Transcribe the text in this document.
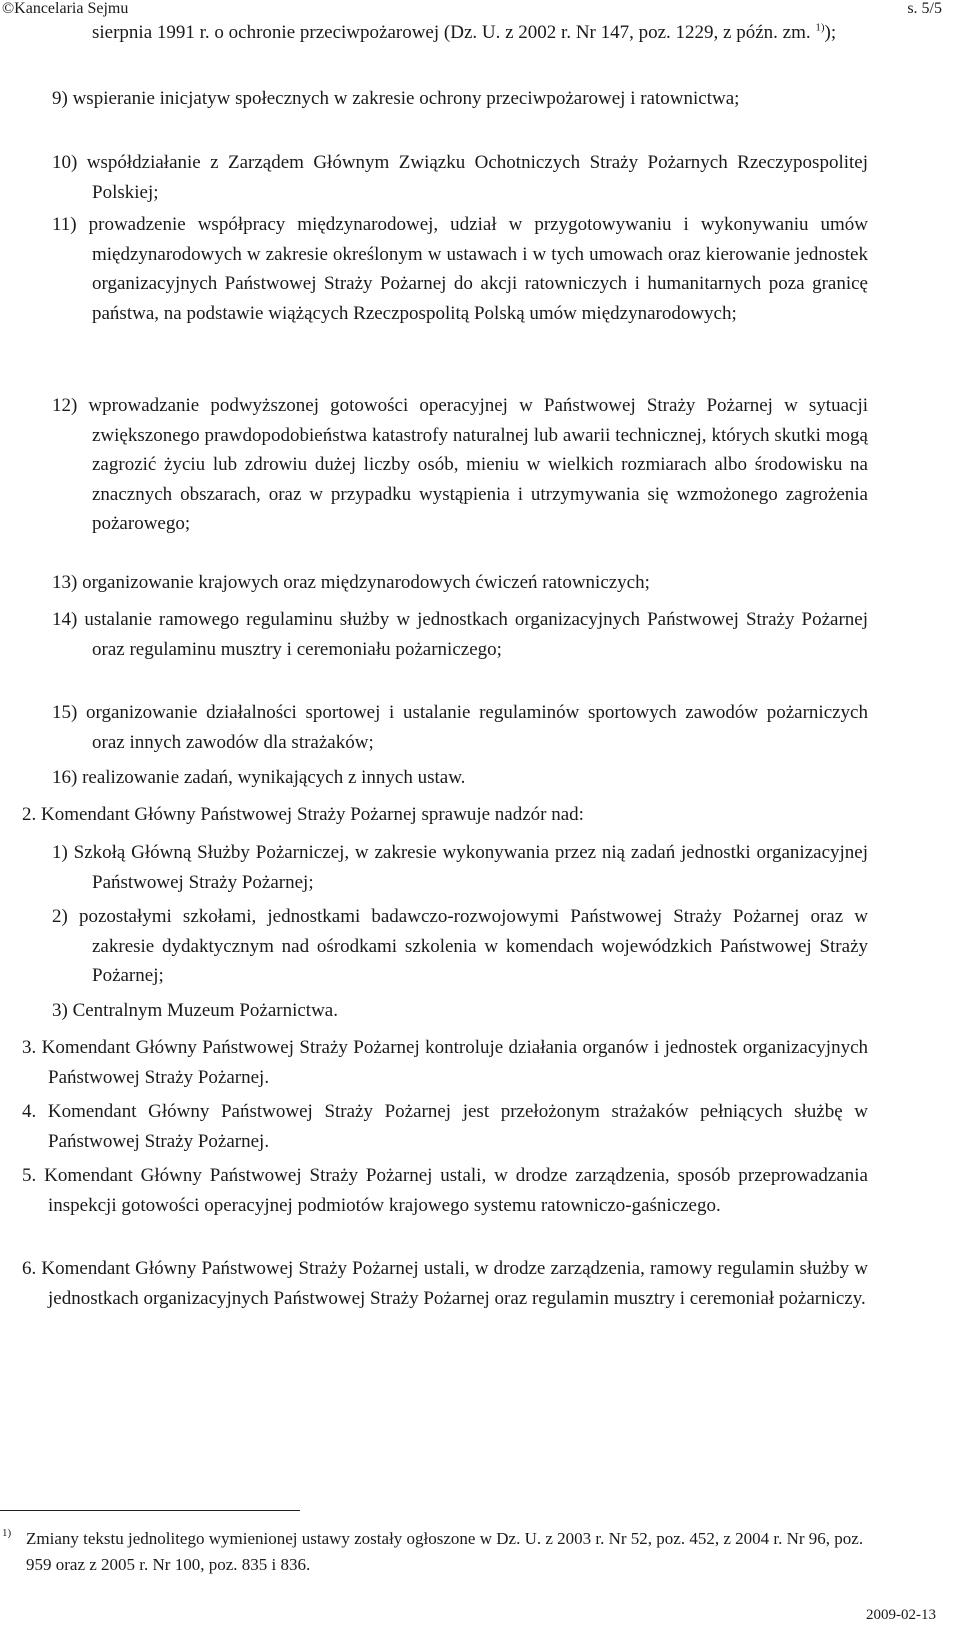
©Kancelaria Sejmu	s. 5/5
sierpnia 1991 r. o ochronie przeciwpożarowej (Dz. U. z 2002 r. Nr 147, poz. 1229, z późn. zm. $^{1)}$);
9) wspieranie inicjatyw społecznych w zakresie ochrony przeciwpożarowej i ratownictwa;
10) współdziałanie z Zarządem Głównym Związku Ochotniczych Straży Pożarnych Rzeczypospolitej Polskiej;
11) prowadzenie współpracy międzynarodowej, udział w przygotowywaniu i wykonywaniu umów międzynarodowych w zakresie określonym w ustawach i w tych umowach oraz kierowanie jednostek organizacyjnych Państwowej Straży Pożarnej do akcji ratowniczych i humanitarnych poza granicę państwa, na podstawie wiążących Rzeczpospolitą Polską umów międzynarodowych;
12) wprowadzanie podwyższonej gotowości operacyjnej w Państwowej Straży Pożarnej w sytuacji zwiększonego prawdopodobieństwa katastrofy naturalnej lub awarii technicznej, których skutki mogą zagrozić życiu lub zdrowiu dużej liczby osób, mieniu w wielkich rozmiarach albo środowisku na znacznych obszarach, oraz w przypadku wystąpienia i utrzymywania się wzmożonego zagrożenia pożarowego;
13) organizowanie krajowych oraz międzynarodowych ćwiczeń ratowniczych;
14) ustalanie ramowego regulaminu służby w jednostkach organizacyjnych Państwowej Straży Pożarnej oraz regulaminu musztry i ceremoniału pożarniczego;
15) organizowanie działalności sportowej i ustalanie regulaminów sportowych zawodów pożarniczych oraz innych zawodów dla strażaków;
16) realizowanie zadań, wynikających z innych ustaw.
2. Komendant Główny Państwowej Straży Pożarnej sprawuje nadzór nad:
1) Szkołą Główną Służby Pożarniczej, w zakresie wykonywania przez nią zadań jednostki organizacyjnej Państwowej Straży Pożarnej;
2) pozostałymi szkołami, jednostkami badawczo-rozwojowymi Państwowej Straży Pożarnej oraz w zakresie dydaktycznym nad ośrodkami szkolenia w komendach wojewódzkich Państwowej Straży Pożarnej;
3) Centralnym Muzeum Pożarnictwa.
3. Komendant Główny Państwowej Straży Pożarnej kontroluje działania organów i jednostek organizacyjnych Państwowej Straży Pożarnej.
4. Komendant Główny Państwowej Straży Pożarnej jest przełożonym strażaków pełniących służbę w Państwowej Straży Pożarnej.
5. Komendant Główny Państwowej Straży Pożarnej ustali, w drodze zarządzenia, sposób przeprowadzania inspekcji gotowości operacyjnej podmiotów krajowego systemu ratowniczo-gaśniczego.
6. Komendant Główny Państwowej Straży Pożarnej ustali, w drodze zarządzenia, ramowy regulamin służby w jednostkach organizacyjnych Państwowej Straży Pożarnej oraz regulamin musztry i ceremoniał pożarniczy.
1) Zmiany tekstu jednolitego wymienionej ustawy zostały ogłoszone w Dz. U. z 2003 r. Nr 52, poz. 452, z 2004 r. Nr 96, poz. 959 oraz z 2005 r. Nr 100, poz. 835 i 836.
2009-02-13
